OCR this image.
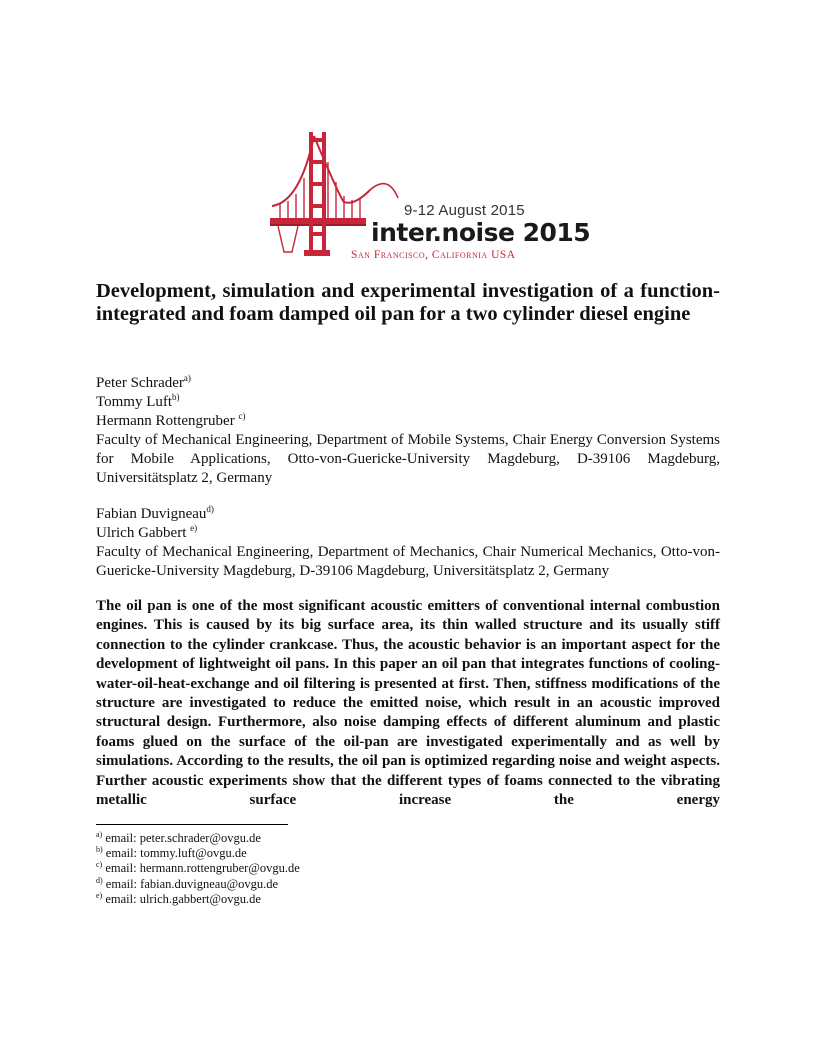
9-12 August 2015
inter.noise 2015
San Francisco, California USA
Development, simulation and experimental investigation of a function-integrated and foam damped oil pan for a two cylinder diesel engine
Peter Schrader$^{a)}$
Tommy Luft$^{b)}$
Hermann Rottengruber $^{c)}$
Faculty of Mechanical Engineering, Department of Mobile Systems, Chair Energy Conversion Systems for Mobile Applications, Otto-von-Guericke-University Magdeburg, D-39106 Magdeburg, Universitätsplatz 2, Germany
Fabian Duvigneau$^{d)}$
Ulrich Gabbert $^{e)}$
Faculty of Mechanical Engineering, Department of Mechanics, Chair Numerical Mechanics, Otto-von-Guericke-University Magdeburg, D-39106 Magdeburg, Universitätsplatz 2, Germany

The oil pan is one of the most significant acoustic emitters of conventional internal combustion engines. This is caused by its big surface area, its thin walled structure and its usually stiff connection to the cylinder crankcase. Thus, the acoustic behavior is an important aspect for the development of lightweight oil pans. In this paper an oil pan that integrates functions of cooling-water-oil-heat-exchange and oil filtering is presented at first. Then, stiffness modifications of the structure are investigated to reduce the emitted noise, which result in an acoustic improved structural design. Furthermore, also noise damping effects of different aluminum and plastic foams glued on the surface of the oil-pan are investigated experimentally and as well by simulations. According to the results, the oil pan is optimized regarding noise and weight aspects. Further acoustic experiments show that the different types of foams connected to the vibrating metallic surface increase the energy

$^{a)}$ email: peter.schrader@ovgu.de
$^{b)}$ email: tommy.luft@ovgu.de
$^{c)}$ email: hermann.rottengruber@ovgu.de
$^{d)}$ email: fabian.duvigneau@ovgu.de
$^{e)}$ email: ulrich.gabbert@ovgu.de
